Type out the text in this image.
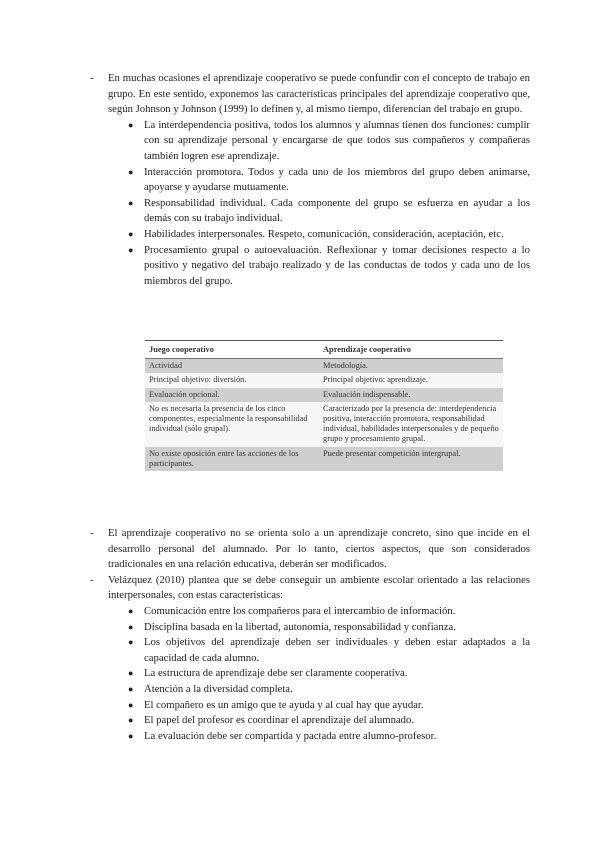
- En muchas ocasiones el aprendizaje cooperativo se puede confundir con el concepto de trabajo en grupo. En este sentido, exponemos las características principales del aprendizaje cooperativo que, según Johnson y Johnson (1999) lo definen y, al mismo tiempo, diferencian del trabajo en grupo.
● La interdependencia positiva, todos los alumnos y alumnas tienen dos funciones: cumplir con su aprendizaje personal y encargarse de que todos sus compañeros y compañeras también logren ese aprendizaje.
● Interacción promotora. Todos y cada uno de los miembros del grupo deben animarse, apoyarse y ayudarse mutuamente.
● Responsabilidad individual. Cada componente del grupo se esfuerza en ayudar a los demás con su trabajo individual.
● Habilidades interpersonales. Respeto, comunicación, consideración, aceptación, etc.
● Procesamiento grupal o autoevaluación. Reflexionar y tomar decisiones respecto a lo positivo y negativo del trabajo realizado y de las conductas de todos y cada uno de los miembros del grupo.
Juego cooperativo	Aprendizaje cooperativo
Actividad	Metodología.
Principal objetivo: diversión.	Principal objetivo: aprendizaje.
Evaluación opcional.	Evaluación indispensable.
No es necesaria la presencia de los cinco componentes, especialmente la responsabilidad individual (sólo grupal).	Caracterizado por la presencia de: interdependencia positiva, interacción promotora, responsabilidad individual, habilidades interpersonales y de pequeño grupo y procesamiento grupal.
No existe oposición entre las acciones de los participantes.	Puede presentar competición intergrupal.
- El aprendizaje cooperativo no se orienta solo a un aprendizaje concreto, sino que incide en el desarrollo personal del alumnado. Por lo tanto, ciertos aspectos, que son considerados tradicionales en una relación educativa, deberán ser modificados.
- Velázquez (2010) plantea que se debe conseguir un ambiente escolar orientado a las relaciones interpersonales, con estas características:
● Comunicación entre los compañeros para el intercambio de información.
● Disciplina basada en la libertad, autonomía, responsabilidad y confianza.
● Los objetivos del aprendizaje deben ser individuales y deben estar adaptados a la capacidad de cada alumno.
● La estructura de aprendizaje debe ser claramente cooperativa.
● Atención a la diversidad completa.
● El compañero es un amigo que te ayuda y al cual hay que ayudar.
● El papel del profesor es coordinar el aprendizaje del alumnado.
● La evaluación debe ser compartida y pactada entre alumno-profesor.
